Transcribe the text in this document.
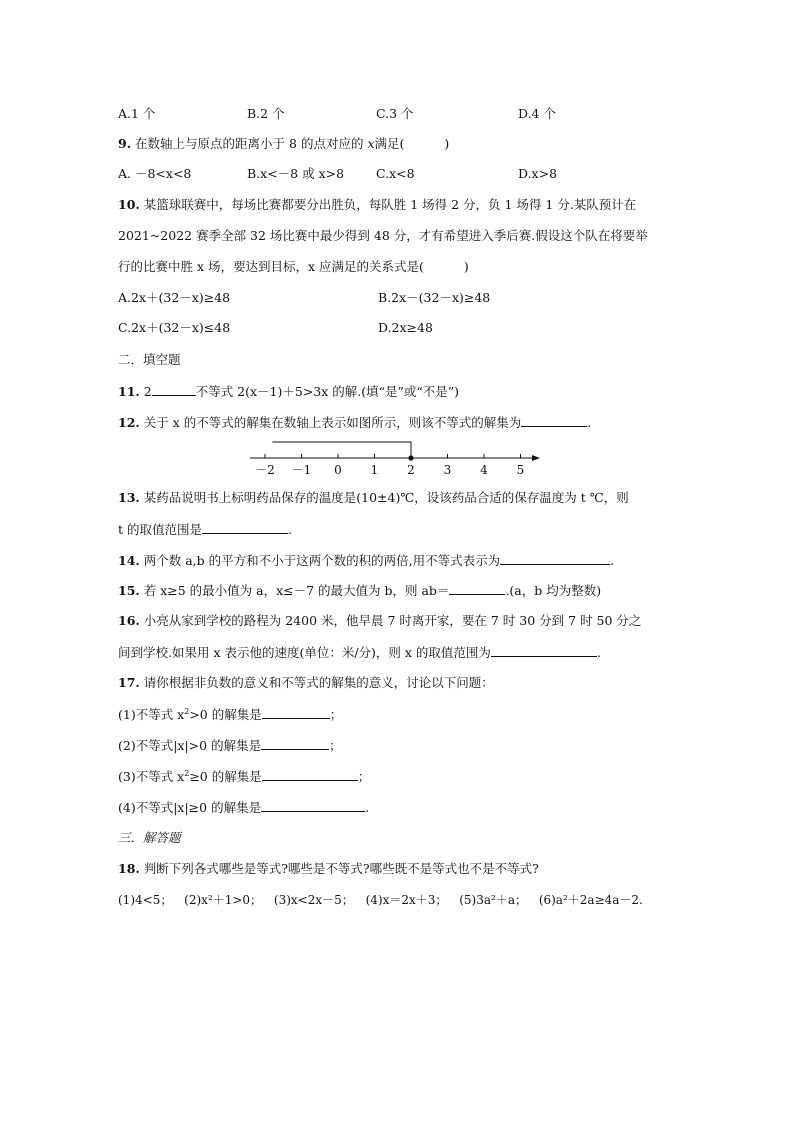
A.1 个	B.2 个	C.3 个	D.4 个
9. 在数轴上与原点的距离小于 8 的点对应的 x满足(	)
A. －8<x<8	B.x<－8 或 x>8	C.x<8	D.x>8
10. 某篮球联赛中，每场比赛都要分出胜负，每队胜 1 场得 2 分，负 1 场得 1 分.某队预计在
2021~2022 赛季全部 32 场比赛中最少得到 48 分，才有希望进入季后赛.假设这个队在将要举
行的比赛中胜 x 场，要达到目标，x 应满足的关系式是(	)
A.2x＋(32－x)≥48	B.2x－(32－x)≥48
C.2x＋(32－x)≤48	D.2x≥48
二．填空题
11. 2	不等式 2(x－1)＋5>3x 的解.(填“是”或“不是”)
12. 关于 x 的不等式的解集在数轴上表示如图所示，则该不等式的解集为	.
－2 －1 0 1 2 3 4 5
13. 某药品说明书上标明药品保存的温度是(10±4)℃，设该药品合适的保存温度为 t ℃，则
t 的取值范围是	.
14. 两个数 a,b 的平方和不小于这两个数的积的两倍,用不等式表示为	.
15. 若 x≥5 的最小值为 a，x≤－7 的最大值为 b，则 ab＝	.(a，b 均为整数)
16. 小亮从家到学校的路程为 2400 米，他早晨 7 时离开家，要在 7 时 30 分到 7 时 50 分之
间到学校.如果用 x 表示他的速度(单位：米/分)，则 x 的取值范围为	.
17. 请你根据非负数的意义和不等式的解集的意义，讨论以下问题：
(1)不等式 $x^2>0$ 的解集是	；
(2)不等式|x|>0 的解集是	；
(3)不等式 $x^2\ge 0$ 的解集是	；
(4)不等式|x|≥0 的解集是	.
三．解答题
18. 判断下列各式哪些是等式?哪些是不等式?哪些既不是等式也不是不等式?
(1)4<5； (2)x²＋1>0； (3)x<2x－5； (4)x＝2x＋3； (5)3a²＋a； (6)a²＋2a≥4a－2.
